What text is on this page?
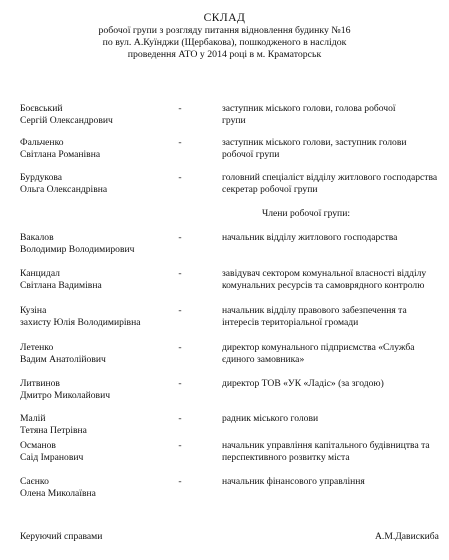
СКЛАД
робочої групи з розгляду питання відновлення будинку №16
по вул. А.Куїнджи (Щербакова), пошкодженого в наслідок
проведення АТО у 2014 році в м. Краматорськ
Боєвський
Сергій Олександрович
-	заступник міського голови, голова робочої
групи
Фальченко
Світлана Романівна
-	заступник міського голови, заступник голови
робочої групи
Бурдукова
Ольга Олександрівна
-	головний спеціаліст відділу житлового господарства
секретар робочої групи
Члени робочої групи:
Вакалов
Володимир Володимирович
-	начальник відділу житлового господарства
Канцидал
Світлана Вадимівна
-	завідувач сектором комунальної власності відділу
комунальних ресурсів та самоврядного контролю
Кузіна
захисту Юлія Володимирівна
-	начальник відділу правового забезпечення та
інтересів територіальної громади
Летенко
Вадим Анатолійович
-	директор комунального підприємства «Служба
єдиного замовника»
Литвинов
Дмитро Миколайович
-	директор ТОВ «УК «Ладіс» (за згодою)
Малій
Тетяна Петрівна
-	радник міського голови
Османов
Саід Імранович
-	начальник управління капітального будівництва та
перспективного розвитку міста
Саєнко
Олена Миколаївна
-	начальник фінансового управління
Керуючий справами	А.М.Давискиба
